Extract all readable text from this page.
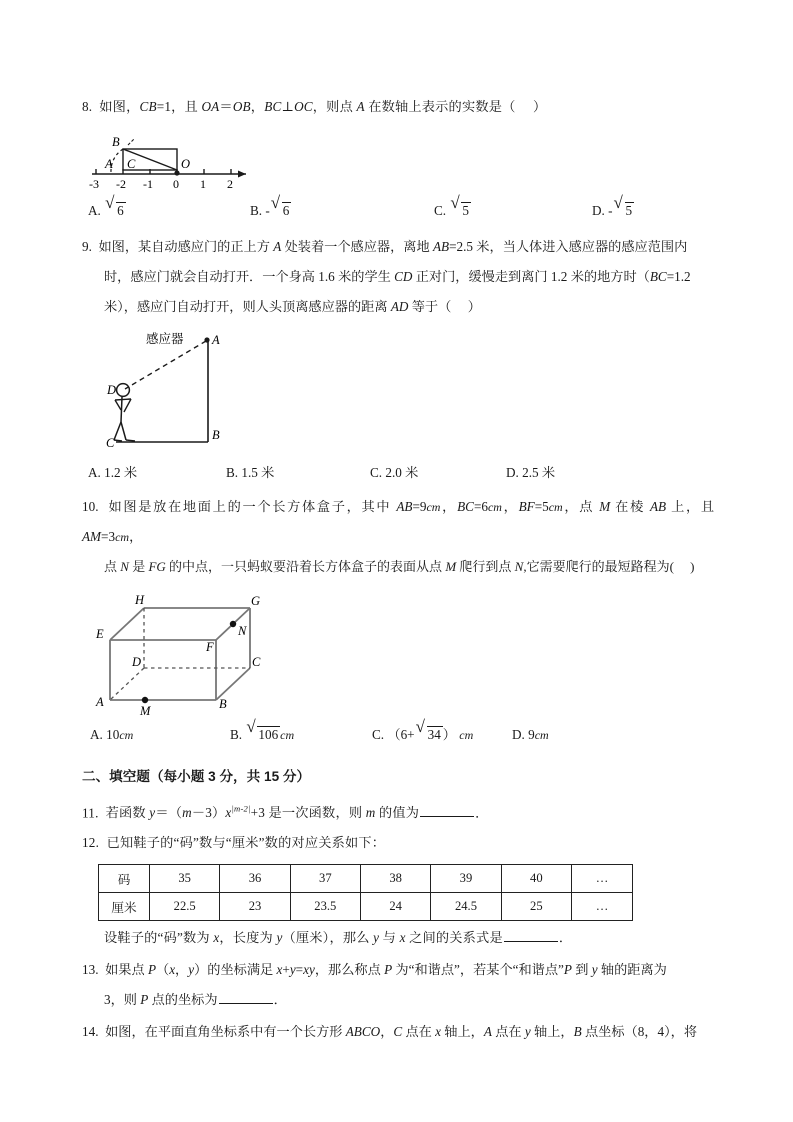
8.  如图，CB=1，且 OA＝OB，BC⊥OC，则点 A 在数轴上表示的实数是（     ）
B
A C	O
-3 -2 -1 0 1 2
A. √ 6	B. - √ 6	C. √ 5	D. - √ 5
9.  如图，某自动感应门的正上方 A 处装着一个感应器，离地 AB=2.5 米，当人体进入感应器的感应范围内
时，感应门就会自动打开．一个身高 1.6 米的学生 CD 正对门，缓慢走到离门 1.2 米的地方时（BC=1.2
米），感应门自动打开，则人头顶离感应器的距离 AD 等于（     ）
A
B
C
D
感应器
A. 1.2 米	B. 1.5 米	C. 2.0 米	D. 2.5 米
10.  如图是放在地面上的一个长方体盒子，其中 AB=9cm，BC=6cm，BF=5cm，点 M 在棱 AB 上，且 AM=3cm，
点 N 是 FG 的中点，一只蚂蚁要沿着长方体盒子的表面从点 M 爬行到点 N,它需要爬行的最短路程为(     )
H	G
E
F
N
D	C
A	B
M
A. 10cm	B. √ 106 cm	C. （6+ √ 34 ） cm	D. 9cm
二、填空题（每小题 3 分，共 15 分）
11.  若函数 $y=(m-3)x^{|m-2|}+3$ 是一次函数，则 m 的值为	．
12. 已知鞋子的“码”数与“厘米”数的对应关系如下：
码	35	36	37	38	39	40	…
厘米	22.5	23	23.5	24	24.5	25	…
设鞋子的“码”数为 x，长度为 y（厘米），那么 y 与 x 之间的关系式是	．
13.  如果点 P（x，y）的坐标满足 x+y=xy，那么称点 P 为“和谐点”，若某个“和谐点”P 到 y 轴的距离为
3，则 P 点的坐标为	．
14.  如图，在平面直角坐标系中有一个长方形 ABCO，C 点在 x 轴上，A 点在 y 轴上，B 点坐标（8，4），将
